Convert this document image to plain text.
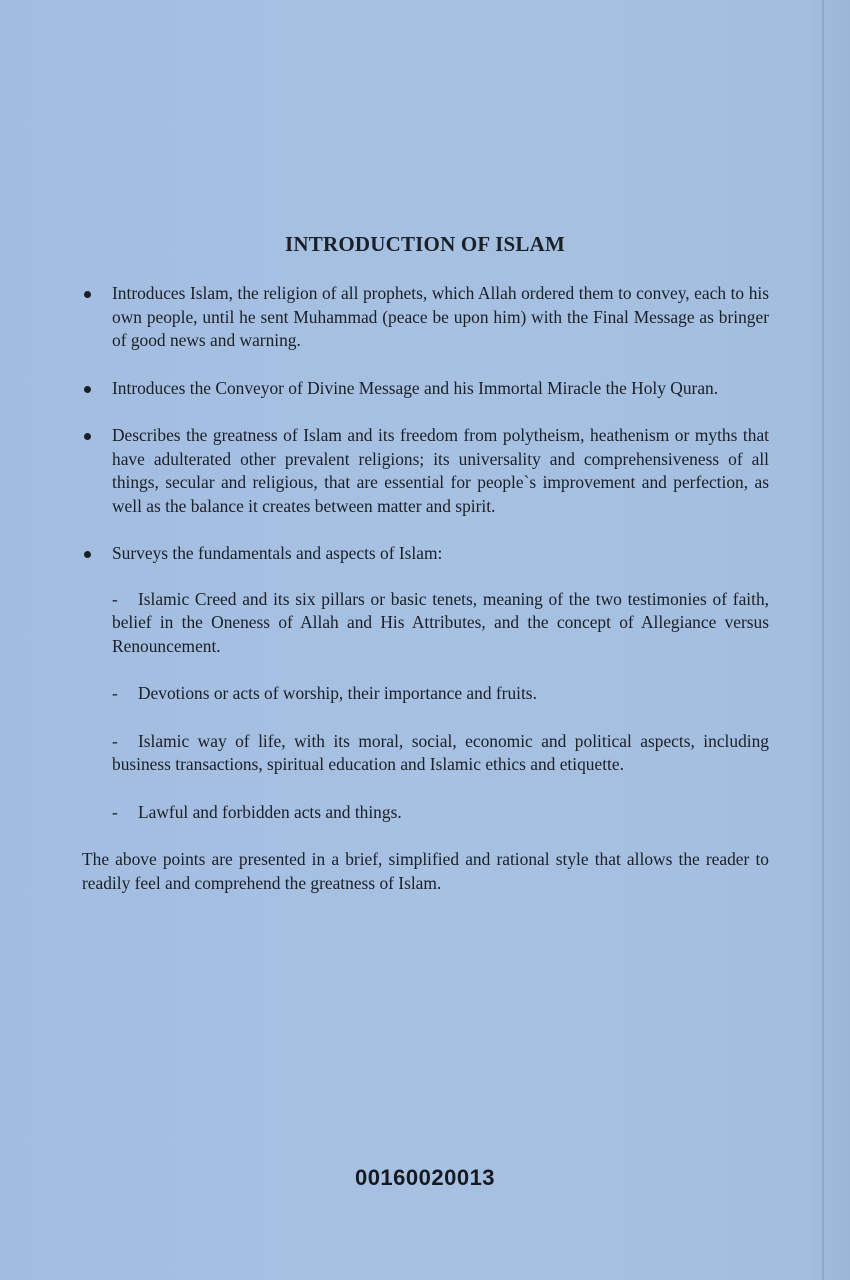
INTRODUCTION OF ISLAM
Introduces Islam, the religion of all prophets, which Allah ordered them to convey, each to his own people, until he sent Muhammad (peace be upon him) with the Final Message as bringer of good news and warning.
Introduces the Conveyor of Divine Message and his Immortal Miracle the Holy Quran.
Describes the greatness of Islam and its freedom from polytheism, heathenism or myths that have adulterated other prevalent religions; its universality and comprehensiveness of all things, secular and religious, that are essential for people`s improvement and perfection, as well as the balance it creates between matter and spirit.
Surveys the fundamentals and aspects of Islam:
- Islamic Creed and its six pillars or basic tenets, meaning of the two testimonies of faith, belief in the Oneness of Allah and His Attributes, and the concept of Allegiance versus Renouncement.
- Devotions or acts of worship, their importance and fruits.
- Islamic way of life, with its moral, social, economic and political aspects, including business transactions, spiritual education and Islamic ethics and etiquette.
- Lawful and forbidden acts and things.

The above points are presented in a brief, simplified and rational style that allows the reader to readily feel and comprehend the greatness of Islam.

00160020013
